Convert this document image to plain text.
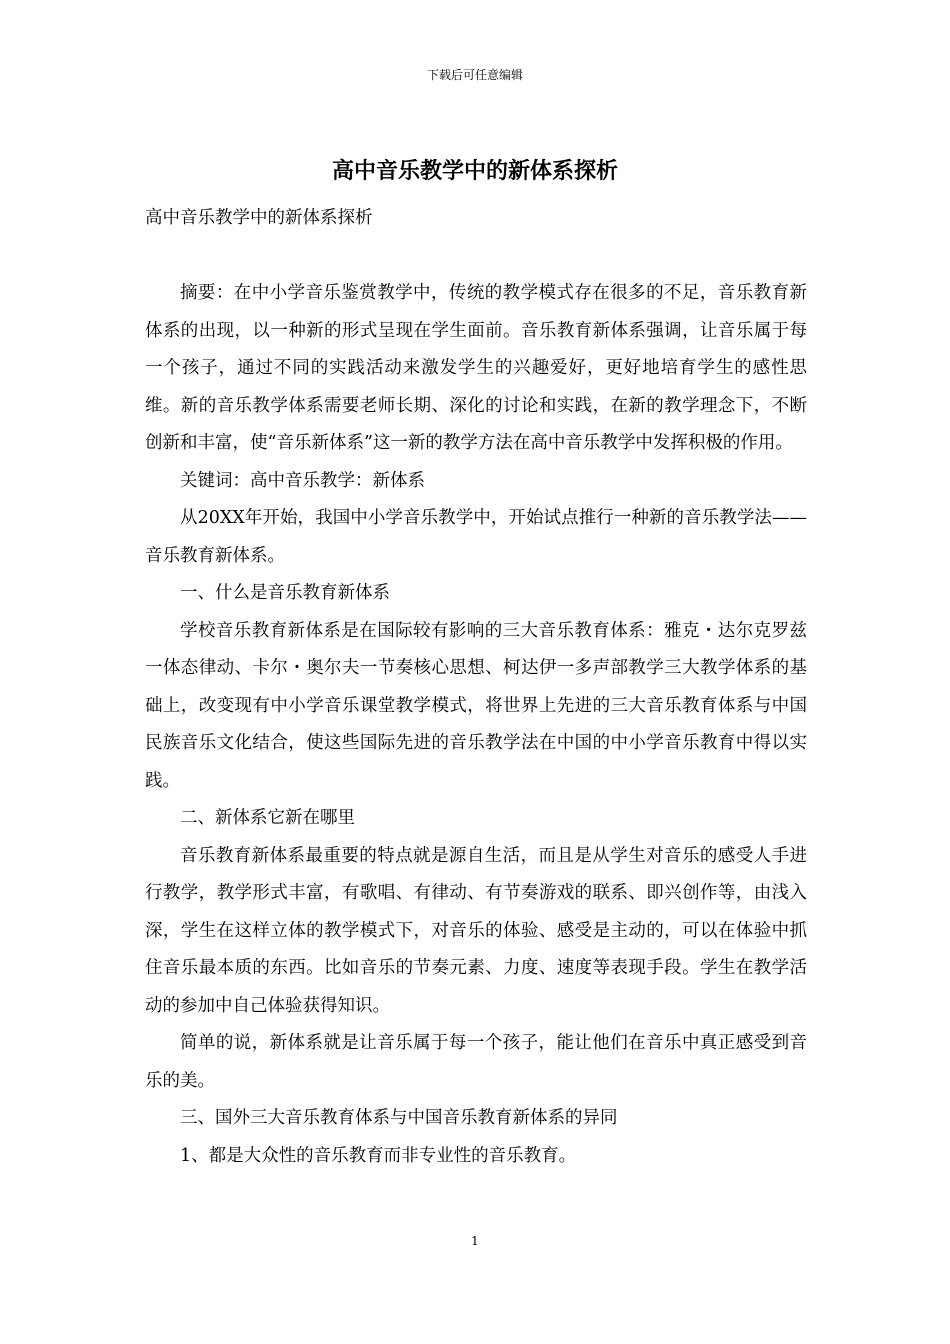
下载后可任意编辑
高中音乐教学中的新体系探析

高中音乐教学中的新体系探析

摘要：在中小学音乐鉴赏教学中，传统的教学模式存在很多的不足，音乐教育新体系的出现，以一种新的形式呈现在学生面前。音乐教育新体系强调，让音乐属于每一个孩子，通过不同的实践活动来激发学生的兴趣爱好，更好地培育学生的感性思维。新的音乐教学体系需要老师长期、深化的讨论和实践，在新的教学理念下，不断创新和丰富，使“音乐新体系”这一新的教学方法在高中音乐教学中发挥积极的作用。

关键词：高中音乐教学：新体系

从20XX年开始，我国中小学音乐教学中，开始试点推行一种新的音乐教学法——音乐教育新体系。

一、什么是音乐教育新体系

学校音乐教育新体系是在国际较有影响的三大音乐教育体系：雅克・达尔克罗兹一体态律动、卡尔・奥尔夫一节奏核心思想、柯达伊一多声部教学三大教学体系的基础上，改变现有中小学音乐课堂教学模式，将世界上先进的三大音乐教育体系与中国民族音乐文化结合，使这些国际先进的音乐教学法在中国的中小学音乐教育中得以实践。

二、新体系它新在哪里

音乐教育新体系最重要的特点就是源自生活，而且是从学生对音乐的感受人手进行教学，教学形式丰富，有歌唱、有律动、有节奏游戏的联系、即兴创作等，由浅入深，学生在这样立体的教学模式下，对音乐的体验、感受是主动的，可以在体验中抓住音乐最本质的东西。比如音乐的节奏元素、力度、速度等表现手段。学生在教学活动的参加中自己体验获得知识。

简单的说，新体系就是让音乐属于每一个孩子，能让他们在音乐中真正感受到音乐的美。

三、国外三大音乐教育体系与中国音乐教育新体系的异同

1、都是大众性的音乐教育而非专业性的音乐教育。

1
